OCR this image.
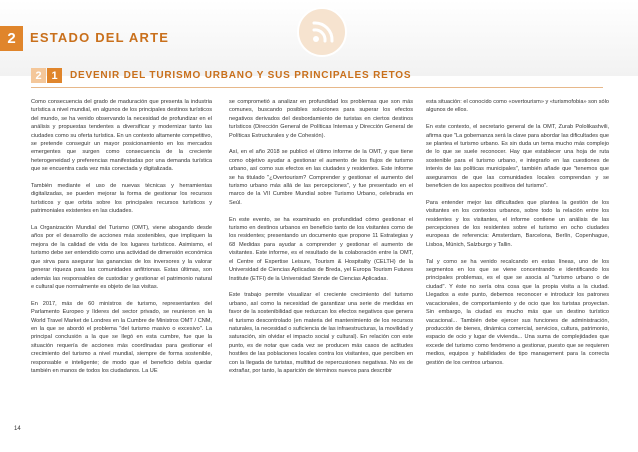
2	ESTADO DEL ARTE
2 1	DEVENIR DEL TURISMO URBANO Y SUS PRINCIPALES RETOS

Como consecuencia del grado de maduración que presenta la industria turística a nivel mundial, en algunos de los principales destinos turísticos del mundo, se ha venido observando la necesidad de profundizar en el análisis y propuestas tendentes a diversificar y modernizar tanto las ciudades como su oferta turística. En un contexto altamente competitivo, se pretende conseguir un mayor posicionamiento en los mercados emergentes que surgen como consecuencia de la creciente heterogeneidad y preferencias manifestadas por una demanda turística que se encuentra cada vez más conectada y digitalizada.

También mediante el uso de nuevas técnicas y herramientas digitalizadas, se pueden mejorar la forma de gestionar los recursos turísticos y que orbita sobre los principales recursos turísticos y patrimoniales existentes en las ciudades.

La Organización Mundial del Turismo (OMT), viene abogando desde años por el desarrollo de acciones más sostenibles, que impliquen la mejora de la calidad de vida de los lugares turísticos. Asimismo, el turismo debe ser entendido como una actividad de dimensión económica que sirva para asegurar las ganancias de los inversores y la valorar generar riqueza para las comunidades anfitrionas. Estas últimas, son además las responsables de custodiar y gestionar el patrimonio natural e cultural que normalmente es objeto de las visitas.

En 2017, más de 60 ministros de turismo, representantes del Parlamento Europeo y líderes del sector privado, se reunieron en la World Travel Market de Londres en la Cumbre de Ministros OMT / CNM, en la que se abordó el problema "del turismo masivo o excesivo". La principal conclusión a la que se llegó en esta cumbre, fue que la situación requería de acciones más coordinadas para gestionar el crecimiento del turismo a nivel mundial, siempre de forma sostenible, responsable e inteligente; de modo que el beneficio debía quedar también en manos de todos los ciudadanos. La UE

se comprometió a analizar en profundidad los problemas que son más comunes, buscando posibles soluciones para superar los efectos negativos derivados del desbordamiento de turistas en ciertos destinos turísticos (Dirección General de Políticas Internas y Dirección General de Políticas Estructurales y de Cohesión).

Así, en el año 2018 se publicó el último informe de la OMT, y que tiene como objetivo ayudar a gestionar el aumento de los flujos de turismo urbano, así como sus efectos en las ciudades y residentes. Este informe se ha titulado "¿Overtourism? Comprender y gestionar el aumento del turismo urbano más allá de las percepciones", y fue presentado en el marco de la VII Cumbre Mundial sobre Turismo Urbano, celebrada en Seúl.

En este evento, se ha examinado en profundidad cómo gestionar el turismo en destinos urbanos en beneficio tanto de los visitantes como de los residentes; presentando un documento que propone 11 Estrategias y 68 Medidas para ayudar a comprender y gestionar el aumento de visitantes. Este informe, es el resultado de la colaboración entre la OMT, el Centre of Expertise Leisure, Tourism & Hospitality (CELTH) de la Universidad de Ciencias Aplicadas de Breda, yel Europa Tourism Futures Institute (ETFI) de la Universidad Stende de Ciencias Aplicadas.

Este trabajo permite visualizar el creciente crecimiento del turismo urbano, así como la necesidad de garantizar una serie de medidas en favor de la sostenibilidad que reduzcan los efectos negativos que genera el turismo descontrolado (en materia del mantenimiento de los recursos naturales, la necesidad o suficiencia de las infraestructuras, la movilidad y saturación, sin olvidar el impacto social y cultural). En relación con este punto, es de notar que cada vez se producen más casos de actitudes hostiles de las poblaciones locales contra los visitantes, que perciben en con la llegada de turistas, multitud de repercusiones negativas. No es de extrañar, por tanto, la aparición de términos nuevos para describir

esta situación: el conocido como «overtourism» y «turismofobia» son sólo algunos de ellos.

En este contexto, el secretario general de la OMT, Zurab Pololikashvili, afirma que "La gobernanza será la clave para abordar las dificultades que se plantea el turismo urbano. Es sin duda un tema mucho más complejo de lo que se suele reconocer. Hay que establecer una hoja de ruta sostenible para el turismo urbano, e integrarlo en las cuestiones de interés de las políticas municipales", también añade que "tenemos que asegurarnos de que las comunidades locales comprendan y se beneficien de los aspectos positivos del turismo".

Para entender mejor las dificultades que plantea la gestión de los visitantes en los contextos urbanos, sobre todo la relación entre los residentes y los visitantes, el informe contiene un análisis de las percepciones de los residentes sobre el turismo en ocho ciudades europeas de referencia: Amsterdam, Barcelona, Berlín, Copenhague, Lisboa, Múnich, Salzburgo y Tallin.

Tal y como se ha venido recalcando en estas líneas, uno de los segmentos en los que se viene concentrando e identificando los principales problemas, es el que se asocia al "turismo urbano o de ciudad". Y éste no sería otra cosa que la propia visita a la ciudad. Llegados a este punto, debemos reconocer e introducir los patrones vacacionales, de comportamiento y de ocio que los turistas proyectan. Sin embargo, la ciudad es mucho más que un destino turístico vacacional... También debe ejercer sus funciones de administración, producción de bienes, dinámica comercial, servicios, cultura, patrimonio, espacio de ocio y lugar de vivienda... Una suma de complejidades que excede del turismo como fenómeno a gestionar, puesto que se requieren medios, equipos y habilidades de tipo management para la correcta gestión de los centros urbanos.

14
